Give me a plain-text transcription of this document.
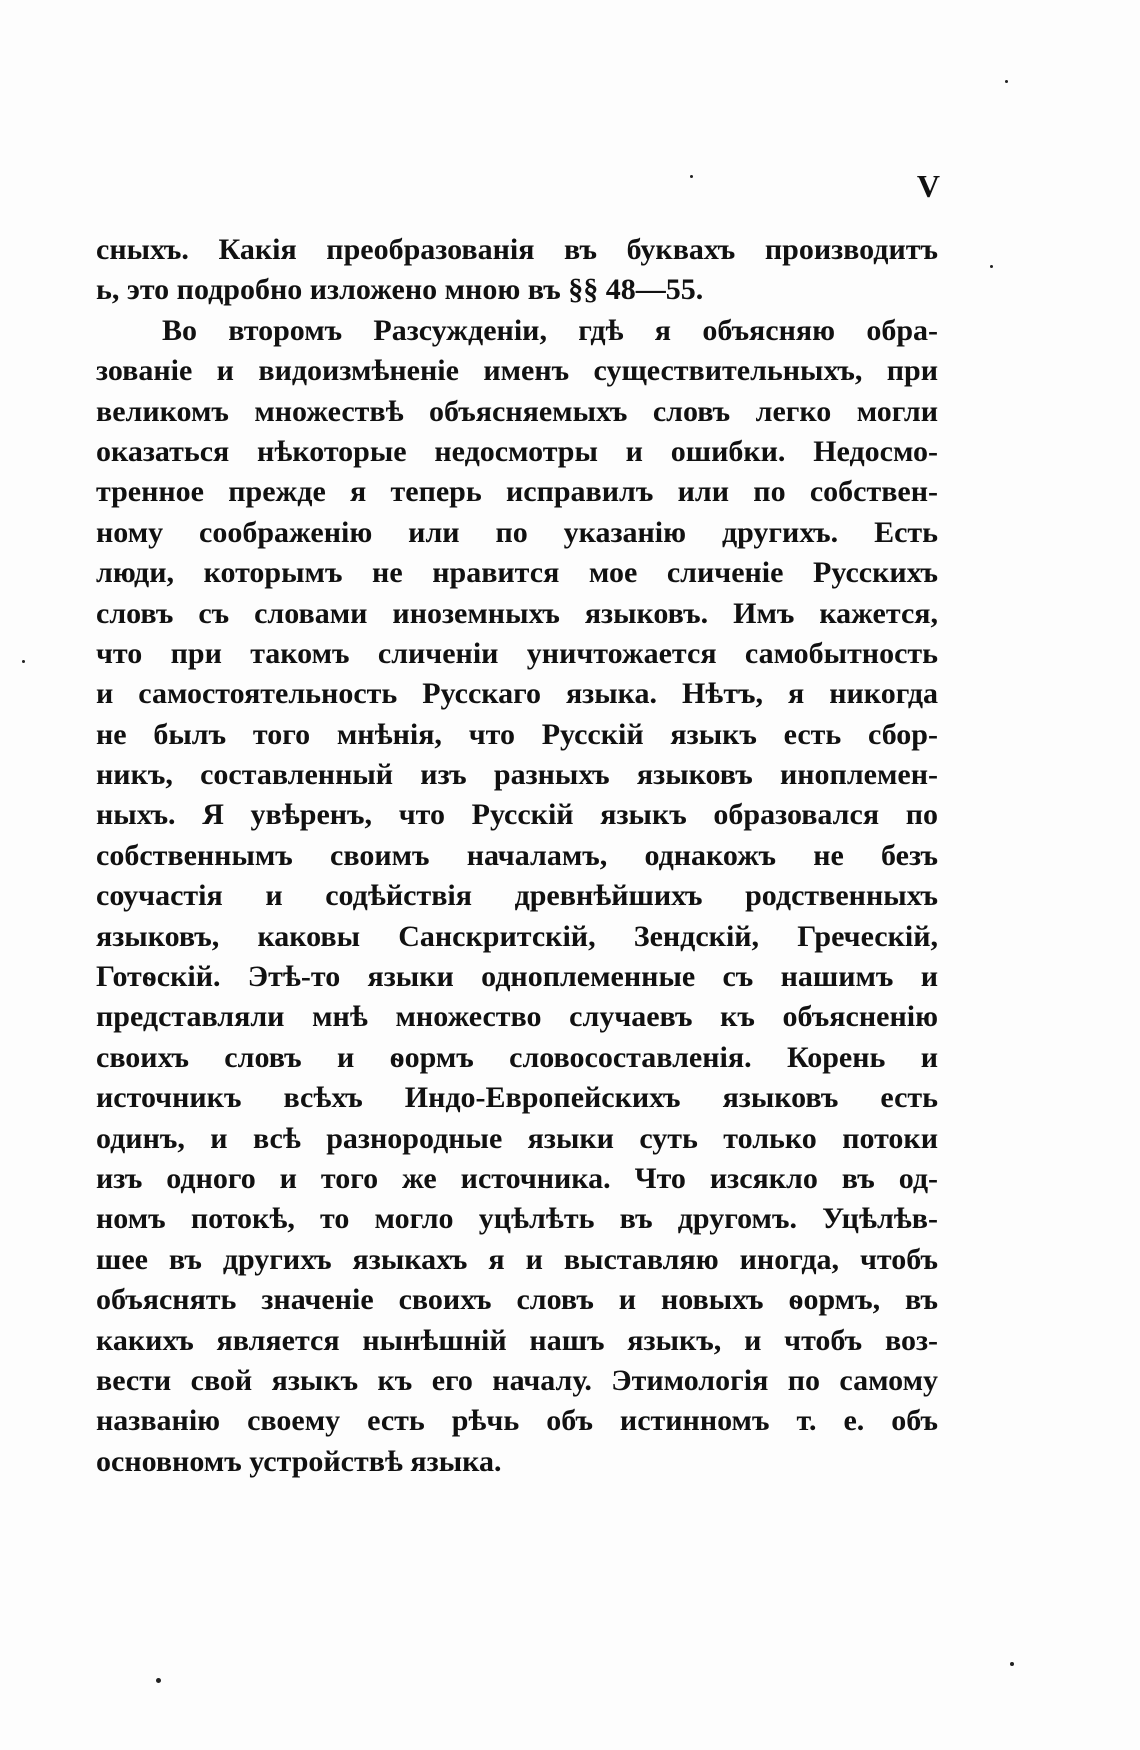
V
сныхъ. Какія преобразованія въ буквахъ производитъ
ь, это подробно изложено мною въ §§ 48—55.
Во второмъ Разсужденіи, гдѣ я объясняю обра-
зованіе и видоизмѣненіе именъ существительныхъ, при
великомъ множествѣ объясняемыхъ словъ легко могли
оказаться нѣкоторые недосмотры и ошибки. Недосмо-
тренное прежде я теперь исправилъ или по собствен-
ному соображенію или по указанію другихъ. Есть
люди, которымъ не нравится мое сличеніе Русскихъ
словъ съ словами иноземныхъ языковъ. Имъ кажется,
что при такомъ сличеніи уничтожается самобытность
и самостоятельность Русскаго языка. Нѣтъ, я никогда
не былъ того мнѣнія, что Русскій языкъ есть сбор-
никъ, составленный изъ разныхъ языковъ иноплемен-
ныхъ. Я увѣренъ, что Русскій языкъ образовался по
собственнымъ своимъ началамъ, однакожъ не безъ
соучастія и содѣйствія древнѣйшихъ родственныхъ
языковъ, каковы Санскритскій, Зендскій, Греческій,
Готѳскій. Этѣ-то языки одноплеменные съ нашимъ и
представляли мнѣ множество случаевъ къ объясненію
своихъ словъ и ѳормъ словосоставленія. Корень и
источникъ всѣхъ Индо-Европейскихъ языковъ есть
одинъ, и всѣ разнородные языки суть только потоки
изъ одного и того же источника. Что изсякло въ од-
номъ потокѣ, то могло уцѣлѣть въ другомъ. Уцѣлѣв-
шее въ другихъ языкахъ я и выставляю иногда, чтобъ
объяснять значеніе своихъ словъ и новыхъ ѳормъ, въ
какихъ является нынѣшній нашъ языкъ, и чтобъ воз-
вести свой языкъ къ его началу. Этимологія по самому
названію своему есть рѣчь объ истинномъ т. е. объ
основномъ устройствѣ языка.
